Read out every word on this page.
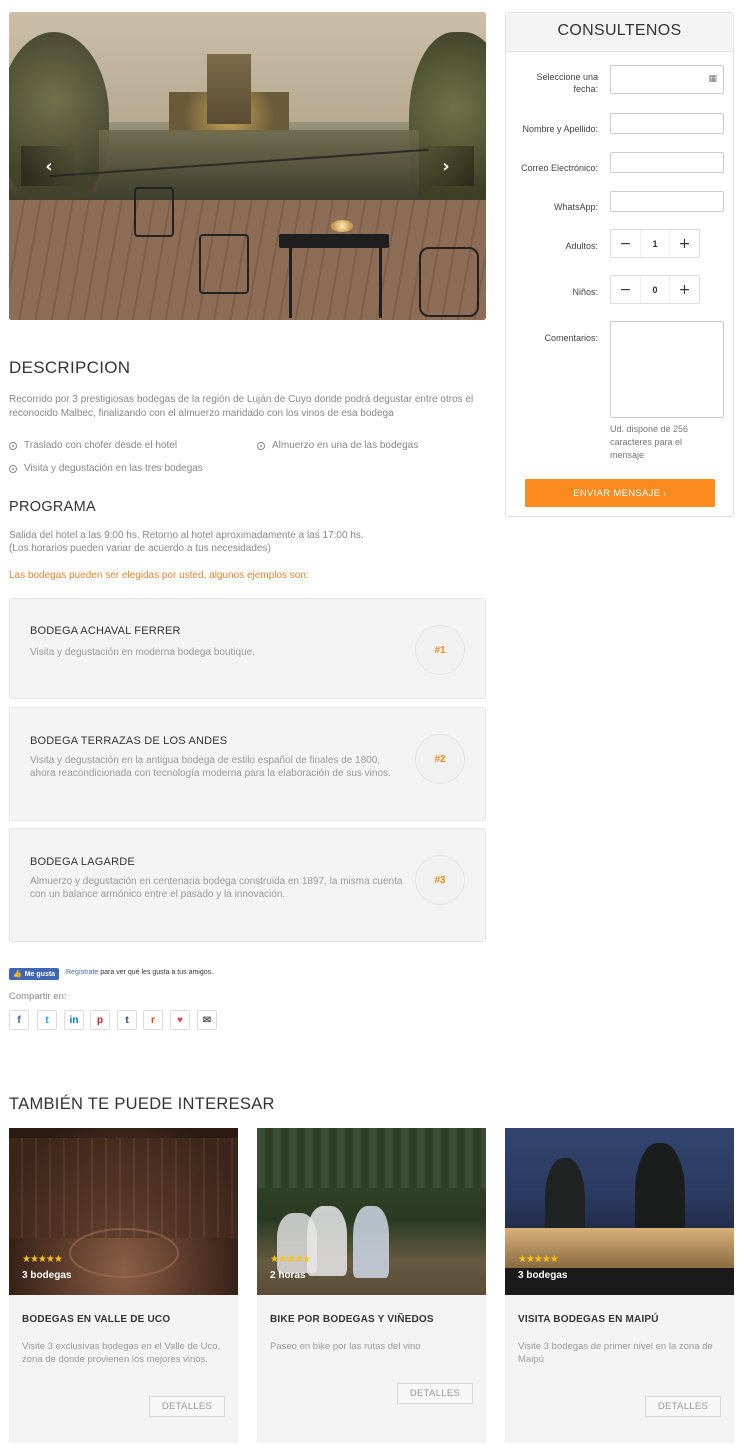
‹	›
DESCRIPCION

Recorrido por 3 prestigiosas bodegas de la región de Luján de Cuyo donde podrá degustar entre otros el reconocido Malbec, finalizando con el almuerzo maridado con los vinos de esa bodega

Traslado con chofer desde el hotel	Almuerzo en una de las bodegas
Visita y degustación en las tres bodegas
PROGRAMA
Salida del hotel a las 9:00 hs. Retorno al hotel aproximadamente a las 17:00 hs.
(Los horarios pueden variar de acuerdo a tus necesidades)
Las bodegas pueden ser elegidas por usted, algunos ejemplos son:
BODEGA ACHAVAL FERRER
Visita y degustación en moderna bodega boutique.	#1
BODEGA TERRAZAS DE LOS ANDES
Visita y degustación en la antigua bodega de estilo español de finales de 1800, ahora reacondicionada con tecnología moderna para la elaboración de sus vinos.
#2
BODEGA LAGARDE
Almuerzo y degustación en centenaria bodega construida en 1897, la misma cuenta con un balance armónico entre el pasado y la innovación.
#3
👍 Me gusta Regístrate para ver qué les gusta a tus amigos.
Compartir en:
f t in p t r ♥ ✉
TAMBIÉN TE PUEDE INTERESAR
★★★★★
3 bodegas
BODEGAS EN VALLE DE UCO
Visite 3 exclusivas bodegas en el Valle de Uco, zona de donde provienen los mejores vinos.
DETALLES
★★★★★
2 horas
BIKE POR BODEGAS Y VIÑEDOS
Paseo en bike por las rutas del vino
DETALLES
★★★★★
3 bodegas
VISITA BODEGAS EN MAIPÚ
Visite 3 bodegas de primer nivel en la zona de Maipú
DETALLES
CONSULTENOS
Seleccione una fecha:
▦
Nombre y Apellido:
Correo Electrónico:
WhatsApp:
Adultos:	−	1	+
Niños:	−	0	+
Comentarios:
Ud. dispone de 256 caracteres para el mensaje
ENVIAR MENSAJE ›
